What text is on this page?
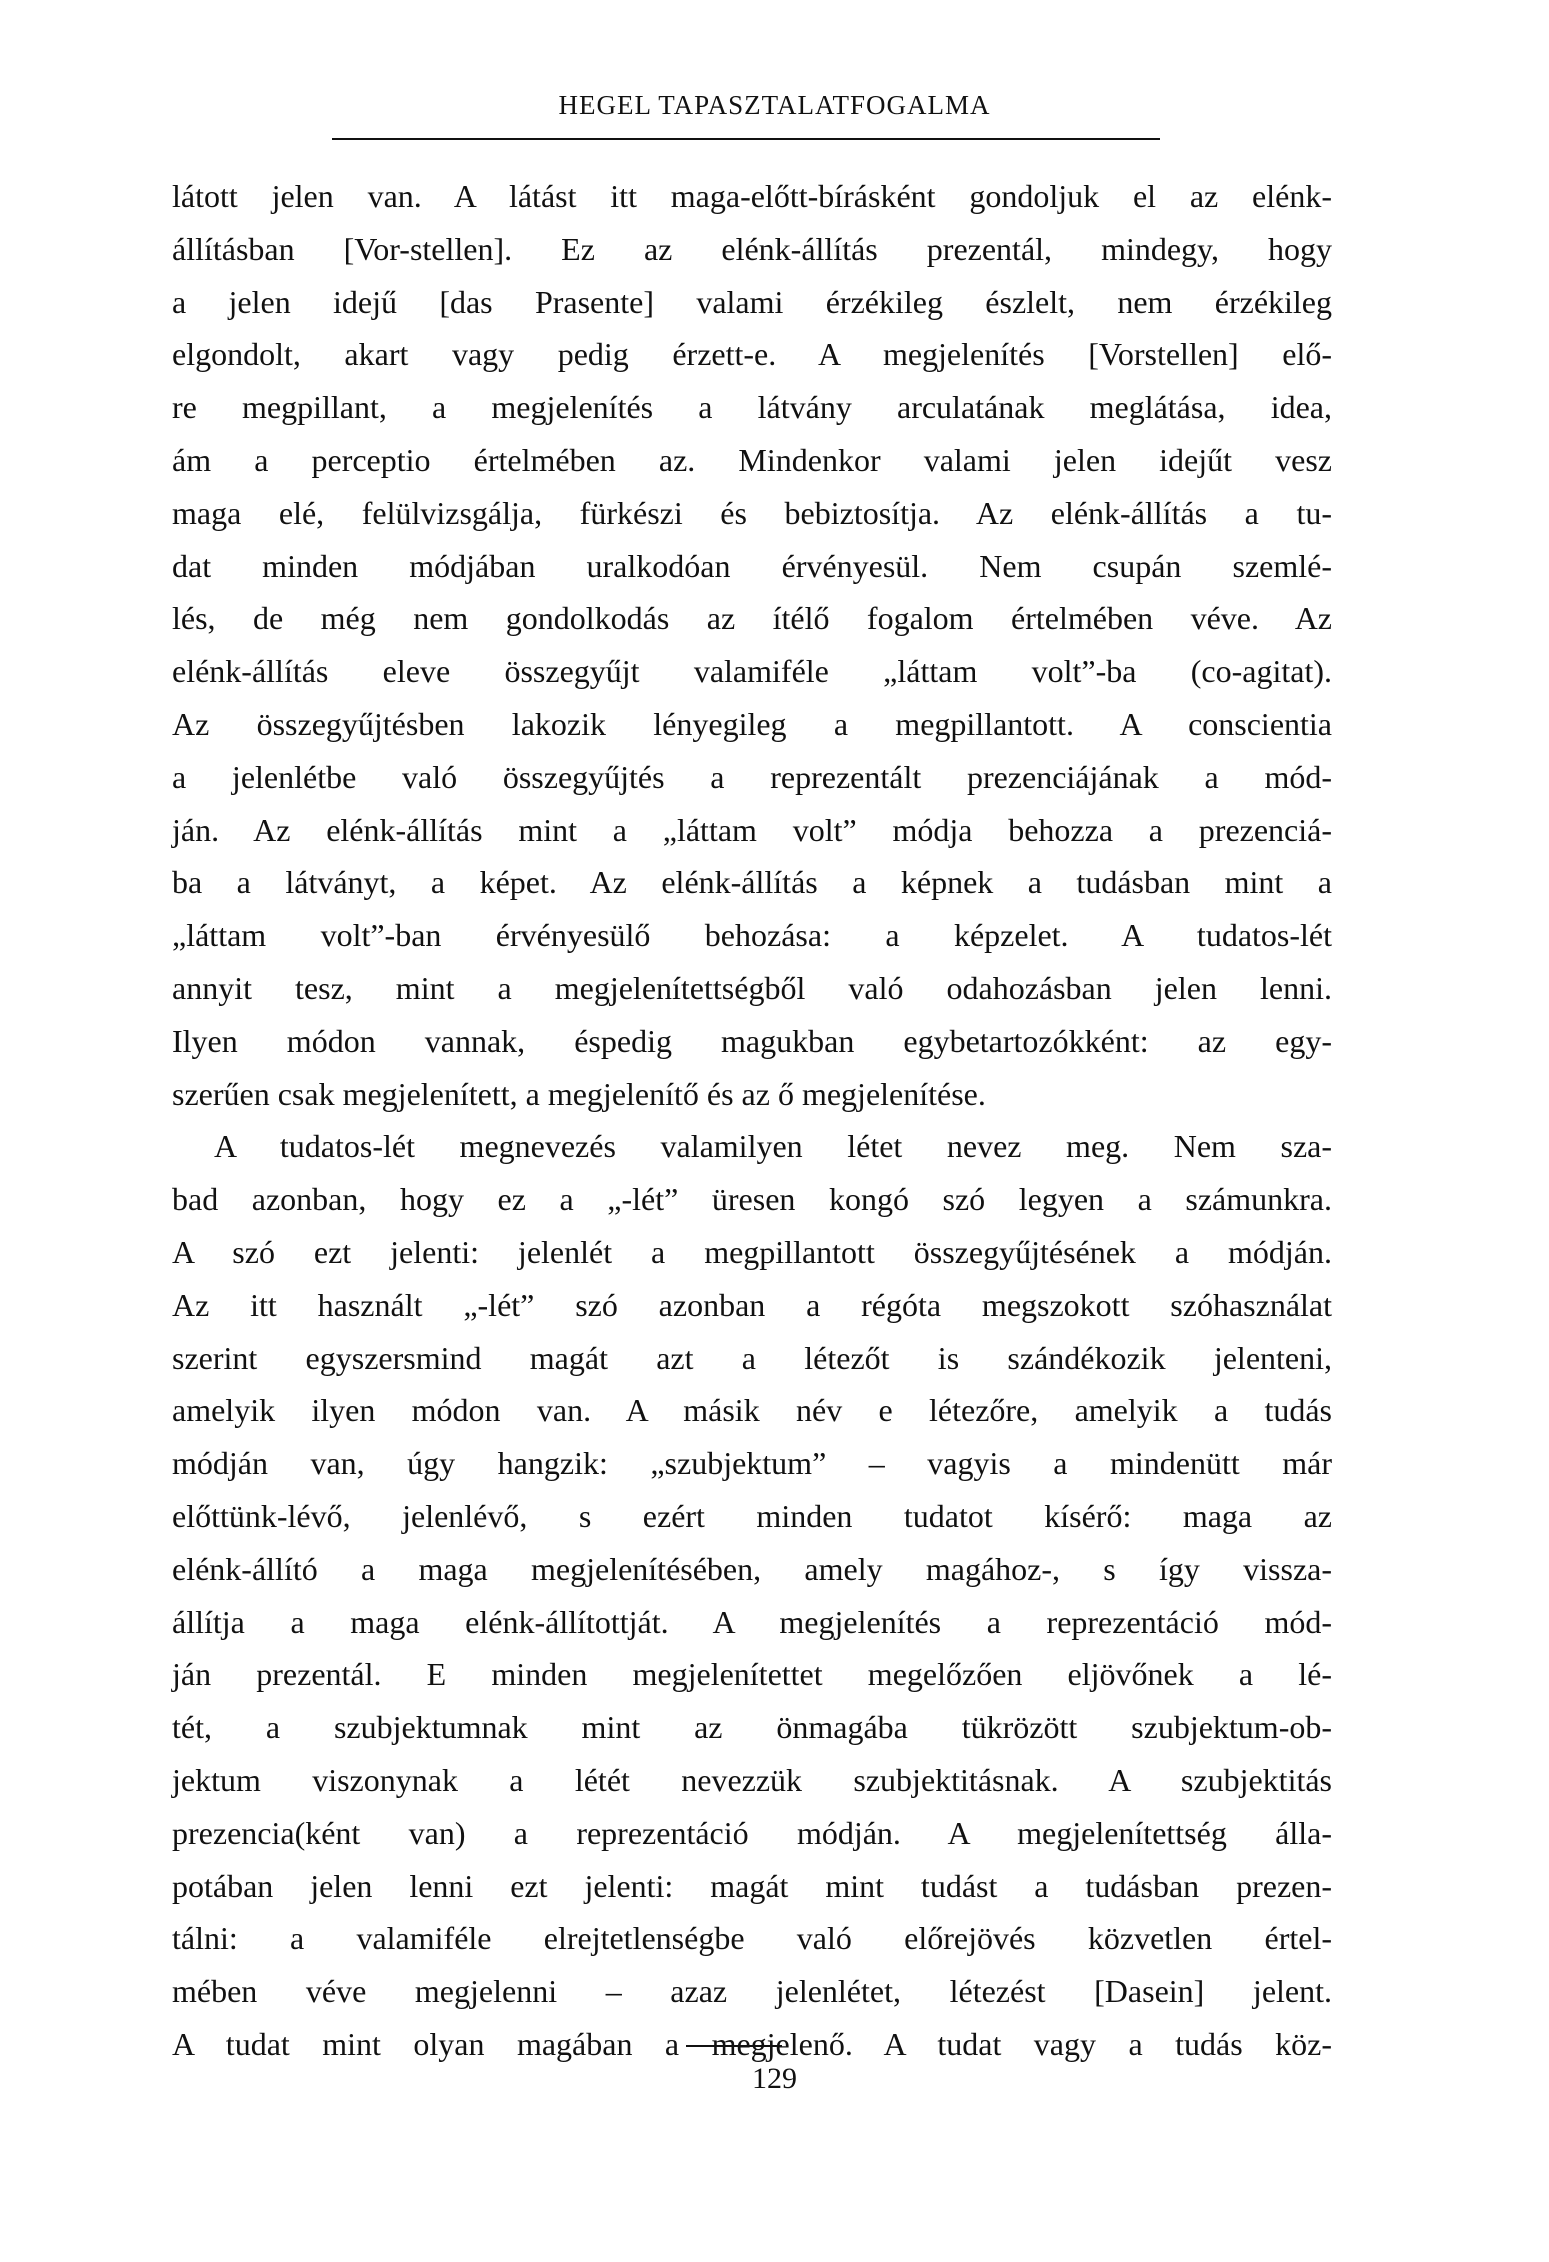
HEGEL TAPASZTALATFOGALMA
látott jelen van. A látást itt maga-előtt-bírásként gondoljuk el az elénk-
állításban [Vor-stellen]. Ez az elénk-állítás prezentál, mindegy, hogy
a jelen idejű [das Prasente] valami érzékileg észlelt, nem érzékileg
elgondolt, akart vagy pedig érzett-e. A megjelenítés [Vorstellen] elő-
re megpillant, a megjelenítés a látvány arculatának meglátása, idea,
ám a perceptio értelmében az. Mindenkor valami jelen idejűt vesz
maga elé, felülvizsgálja, fürkészi és bebiztosítja. Az elénk-állítás a tu-
dat minden módjában uralkodóan érvényesül. Nem csupán szemlé-
lés, de még nem gondolkodás az ítélő fogalom értelmében véve. Az
elénk-állítás eleve összegyűjt valamiféle „láttam volt”-ba (co-agitat).
Az összegyűjtésben lakozik lényegileg a megpillantott. A conscientia
a jelenlétbe való összegyűjtés a reprezentált prezenciájának a mód-
ján. Az elénk-állítás mint a „láttam volt” módja behozza a prezenciá-
ba a látványt, a képet. Az elénk-állítás a képnek a tudásban mint a
„láttam volt”-ban érvényesülő behozása: a képzelet. A tudatos-lét
annyit tesz, mint a megjelenítettségből való odahozásban jelen lenni.
Ilyen módon vannak, éspedig magukban egybetartozókként: az egy-
szerűen csak megjelenített, a megjelenítő és az ő megjelenítése.
A tudatos-lét megnevezés valamilyen létet nevez meg. Nem sza-
bad azonban, hogy ez a „-lét” üresen kongó szó legyen a számunkra.
A szó ezt jelenti: jelenlét a megpillantott összegyűjtésének a módján.
Az itt használt „-lét” szó azonban a régóta megszokott szóhasználat
szerint egyszersmind magát azt a létezőt is szándékozik jelenteni,
amelyik ilyen módon van. A másik név e létezőre, amelyik a tudás
módján van, úgy hangzik: „szubjektum” – vagyis a mindenütt már
előttünk-lévő, jelenlévő, s ezért minden tudatot kísérő: maga az
elénk-állító a maga megjelenítésében, amely magához-, s így vissza-
állítja a maga elénk-állítottját. A megjelenítés a reprezentáció mód-
ján prezentál. E minden megjelenítettet megelőzően eljövőnek a lé-
tét, a szubjektumnak mint az önmagába tükrözött szubjektum-ob-
jektum viszonynak a létét nevezzük szubjektitásnak. A szubjektitás
prezencia(ként van) a reprezentáció módján. A megjelenítettség álla-
potában jelen lenni ezt jelenti: magát mint tudást a tudásban prezen-
tálni: a valamiféle elrejtetlenségbe való előrejövés közvetlen értel-
mében véve megjelenni – azaz jelenlétet, létezést [Dasein] jelent.
A tudat mint olyan magában a megjelenő. A tudat vagy a tudás köz-
129
